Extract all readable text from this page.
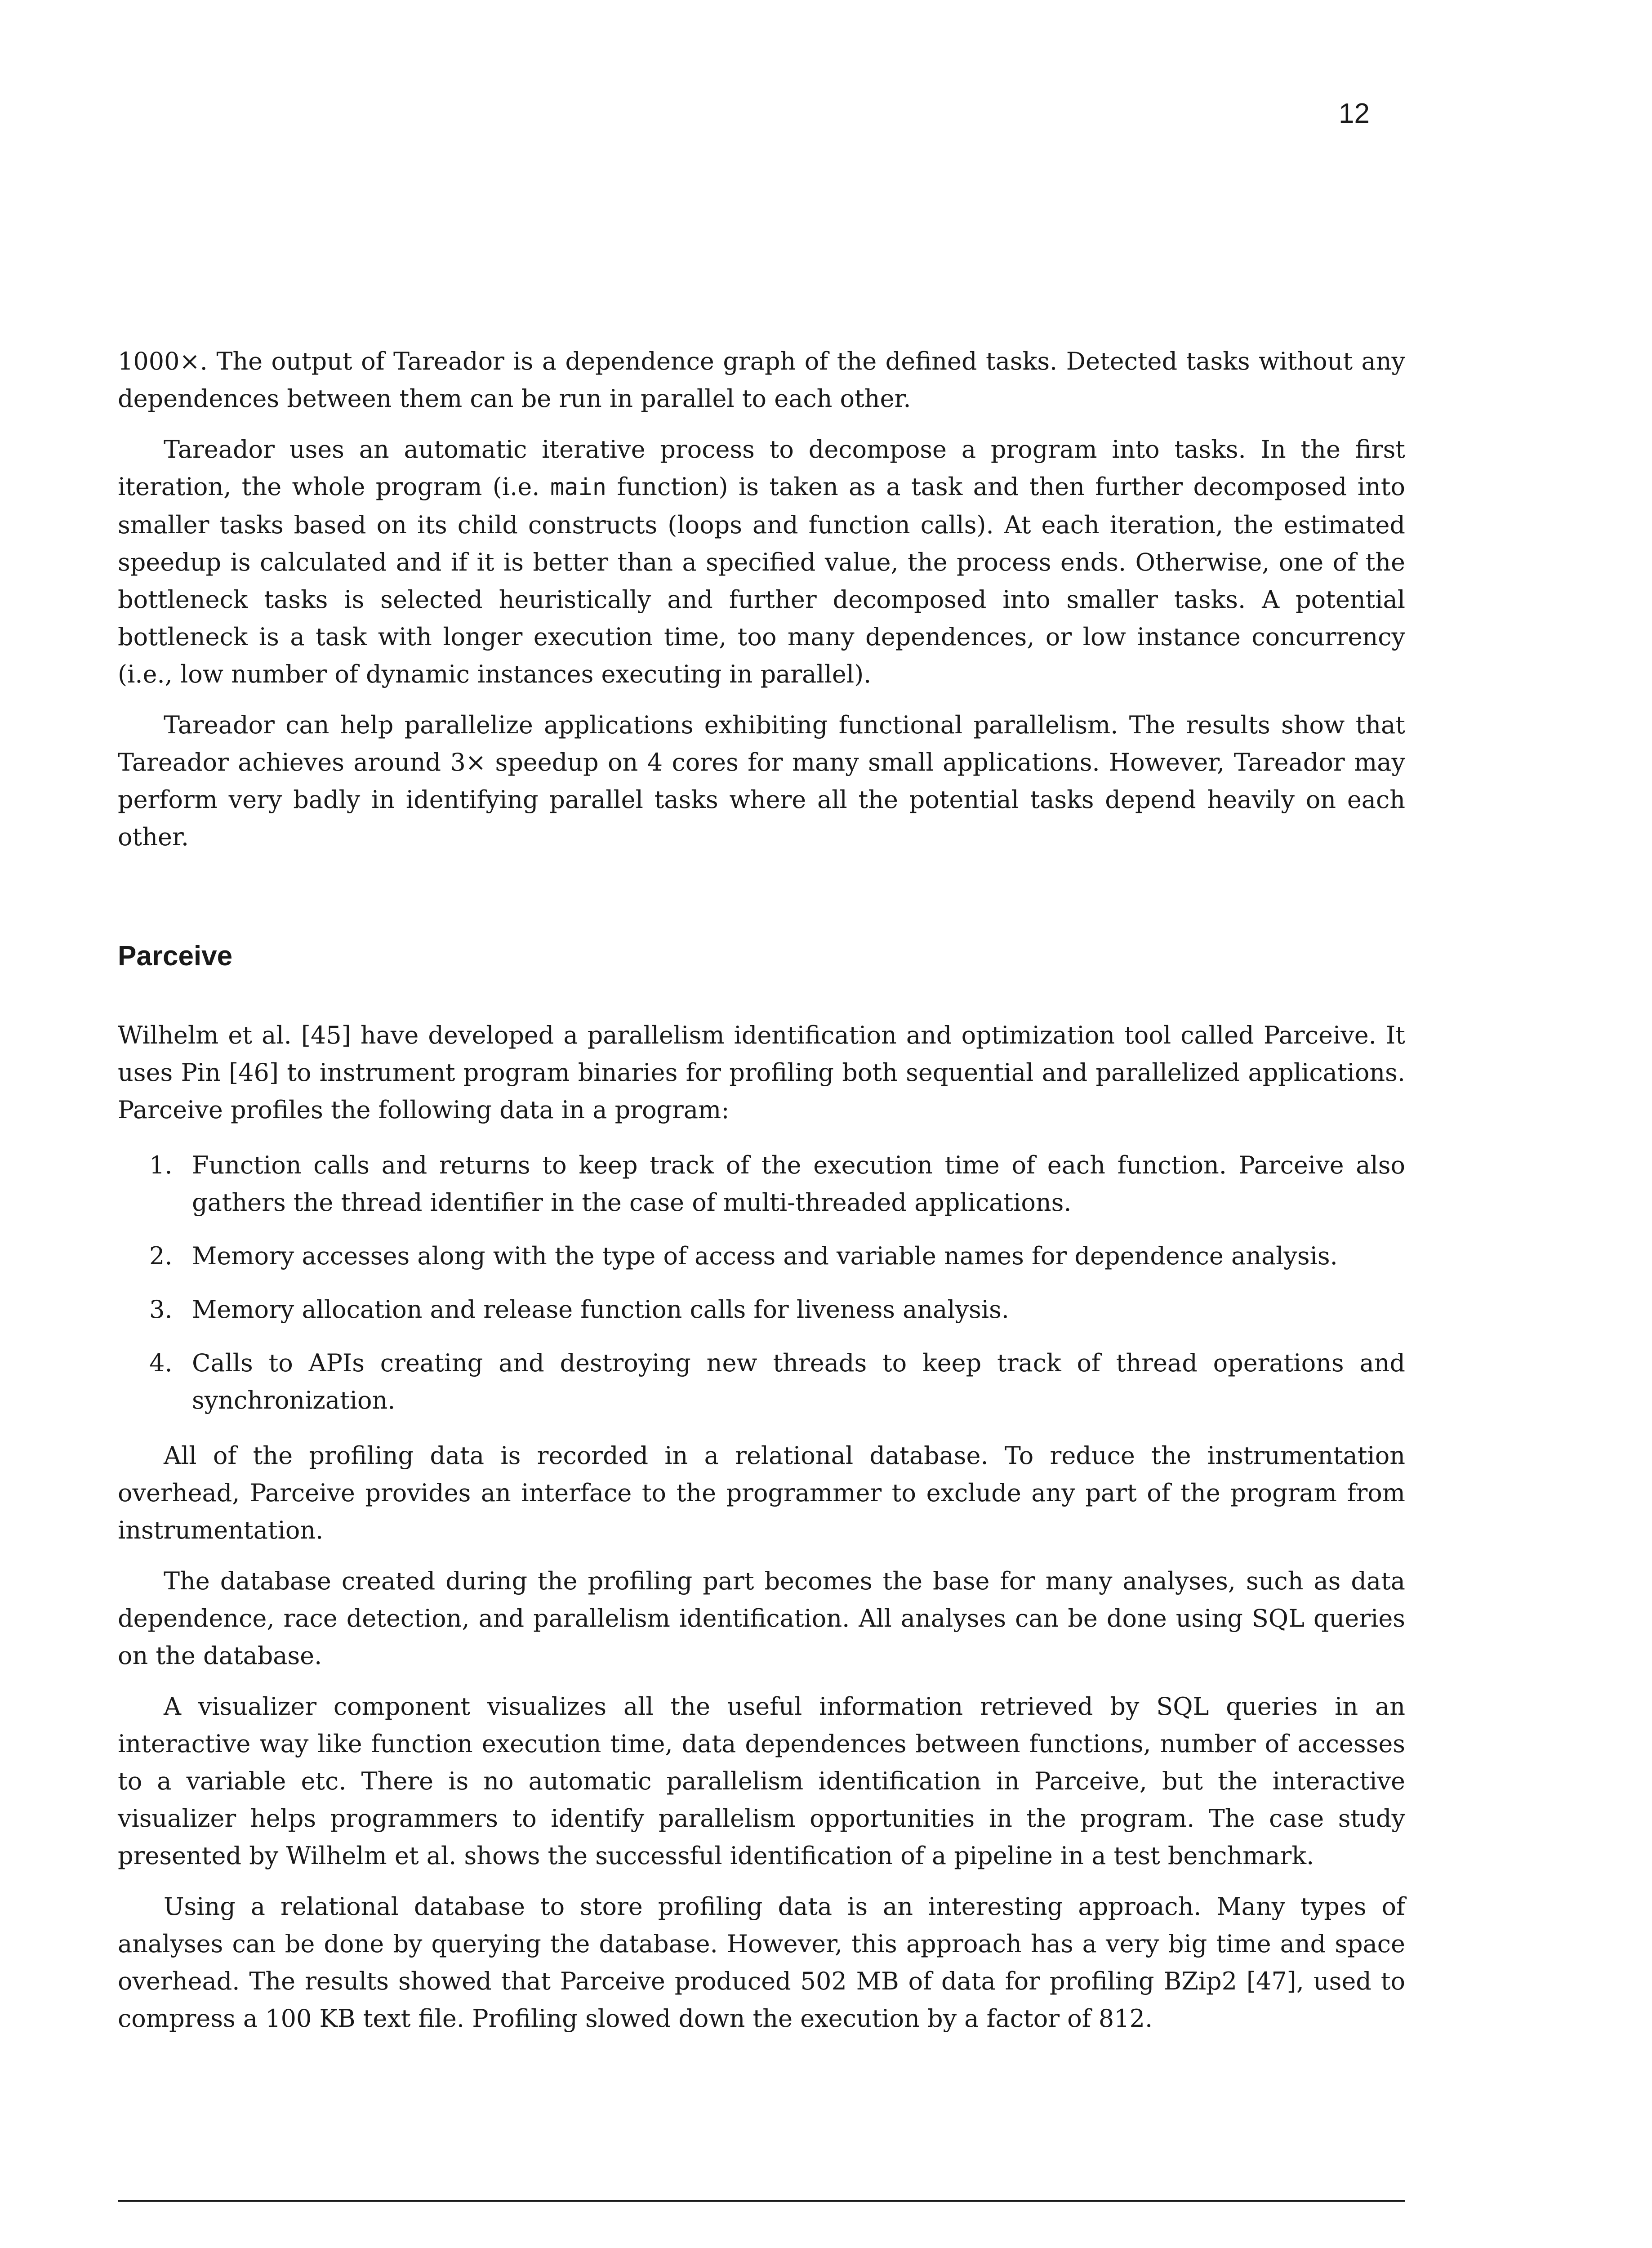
12

1000×. The output of Tareador is a dependence graph of the defined tasks. Detected tasks without any dependences between them can be run in parallel to each other.

Tareador uses an automatic iterative process to decompose a program into tasks. In the first iteration, the whole program (i.e. main function) is taken as a task and then further decomposed into smaller tasks based on its child constructs (loops and function calls). At each iteration, the estimated speedup is calculated and if it is better than a specified value, the process ends. Otherwise, one of the bottleneck tasks is selected heuristically and further decomposed into smaller tasks. A potential bottleneck is a task with longer execution time, too many dependences, or low instance concurrency (i.e., low number of dynamic instances executing in parallel).

Tareador can help parallelize applications exhibiting functional parallelism. The results show that Tareador achieves around 3× speedup on 4 cores for many small applications. However, Tareador may perform very badly in identifying parallel tasks where all the potential tasks depend heavily on each other.

Parceive

Wilhelm et al. [45] have developed a parallelism identification and optimization tool called Parceive. It uses Pin [46] to instrument program binaries for profiling both sequential and parallelized applications. Parceive profiles the following data in a program:

1. Function calls and returns to keep track of the execution time of each function. Parceive also gathers the thread identifier in the case of multi-threaded applications.
2. Memory accesses along with the type of access and variable names for dependence analysis.
3. Memory allocation and release function calls for liveness analysis.
4. Calls to APIs creating and destroying new threads to keep track of thread operations and synchronization.

All of the profiling data is recorded in a relational database. To reduce the instrumentation overhead, Parceive provides an interface to the programmer to exclude any part of the program from instrumentation.

The database created during the profiling part becomes the base for many analyses, such as data dependence, race detection, and parallelism identification. All analyses can be done using SQL queries on the database.

A visualizer component visualizes all the useful information retrieved by SQL queries in an interactive way like function execution time, data dependences between functions, number of accesses to a variable etc. There is no automatic parallelism identification in Parceive, but the interactive visualizer helps programmers to identify parallelism opportunities in the program. The case study presented by Wilhelm et al. shows the successful identification of a pipeline in a test benchmark.

Using a relational database to store profiling data is an interesting approach. Many types of analyses can be done by querying the database. However, this approach has a very big time and space overhead. The results showed that Parceive produced 502 MB of data for profiling BZip2 [47], used to compress a 100 KB text file. Profiling slowed down the execution by a factor of 812.
